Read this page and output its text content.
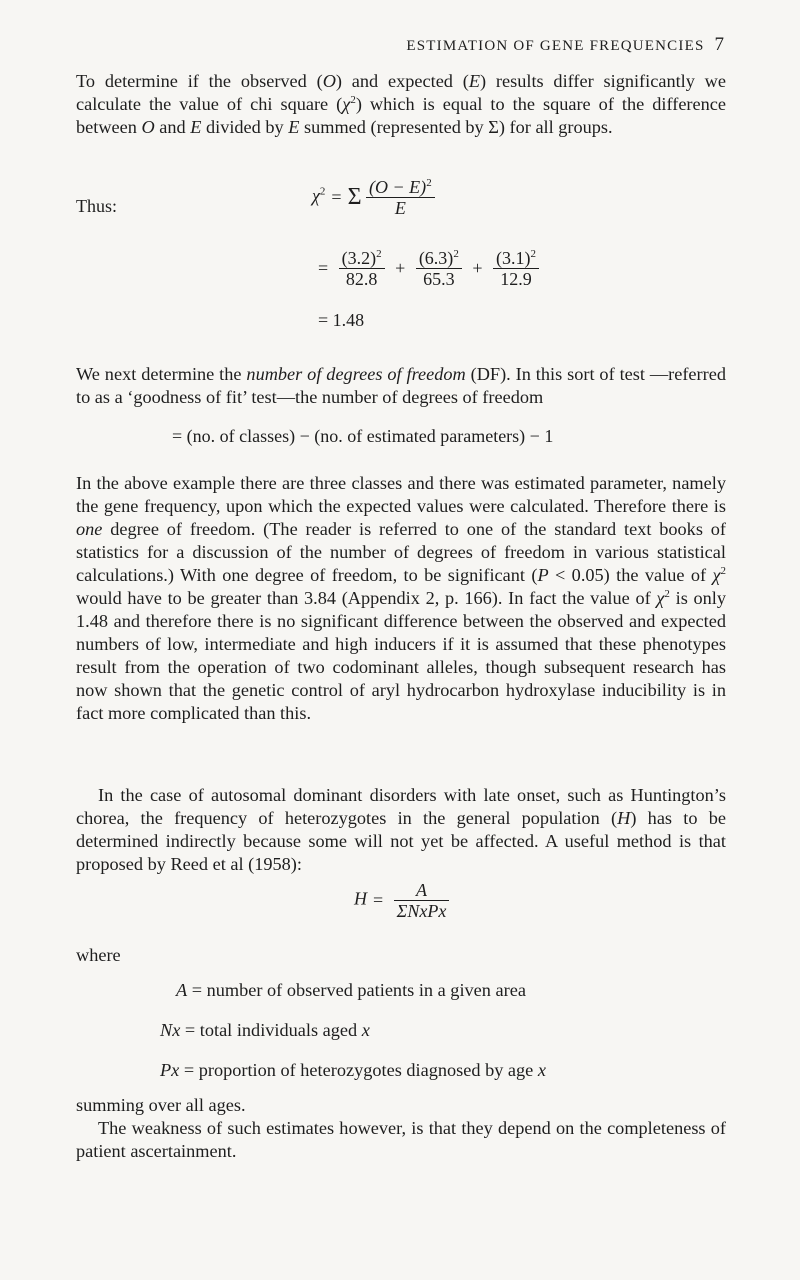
ESTIMATION OF GENE FREQUENCIES 7

To determine if the observed (O) and expected (E) results differ significantly we calculate the value of chi square $(\chi^2)$ which is equal to the square of the difference between O and E divided by E summed (represented by Σ) for all groups.

Thus:
$\chi^2 = \Sigma \frac{(O - E)^2}{E}$
= $\frac{(3.2)^2}{82.8} + \frac{(6.3)^2}{65.3} + \frac{(3.1)^2}{12.9}$
= 1.48

We next determine the number of degrees of freedom (DF). In this sort of test —referred to as a ‘goodness of fit’ test—the number of degrees of freedom

= (no. of classes) − (no. of estimated parameters) − 1

In the above example there are three classes and there was estimated parameter, namely the gene frequency, upon which the expected values were calculated. Therefore there is one degree of freedom. (The reader is referred to one of the standard text books of statistics for a discussion of the number of degrees of freedom in various statistical calculations.) With one degree of freedom, to be significant (P < 0.05) the value of $\chi^2$ would have to be greater than 3.84 (Appendix 2, p. 166). In fact the value of $\chi^2$ is only 1.48 and therefore there is no significant difference between the observed and expected numbers of low, intermediate and high inducers if it is assumed that these phenotypes result from the operation of two codominant alleles, though subsequent research has now shown that the genetic control of aryl hydrocarbon hydroxylase inducibility is in fact more complicated than this.

In the case of autosomal dominant disorders with late onset, such as Huntington’s chorea, the frequency of heterozygotes in the general population (H) has to be determined indirectly because some will not yet be affected. A useful method is that proposed by Reed et al (1958):

$H = \frac{A}{\text{ΣNxPx}}$
where
A = number of observed patients in a given area
Nx = total individuals aged x
Px = proportion of heterozygotes diagnosed by age x

summing over all ages.

The weakness of such estimates however, is that they depend on the completeness of patient ascertainment.
